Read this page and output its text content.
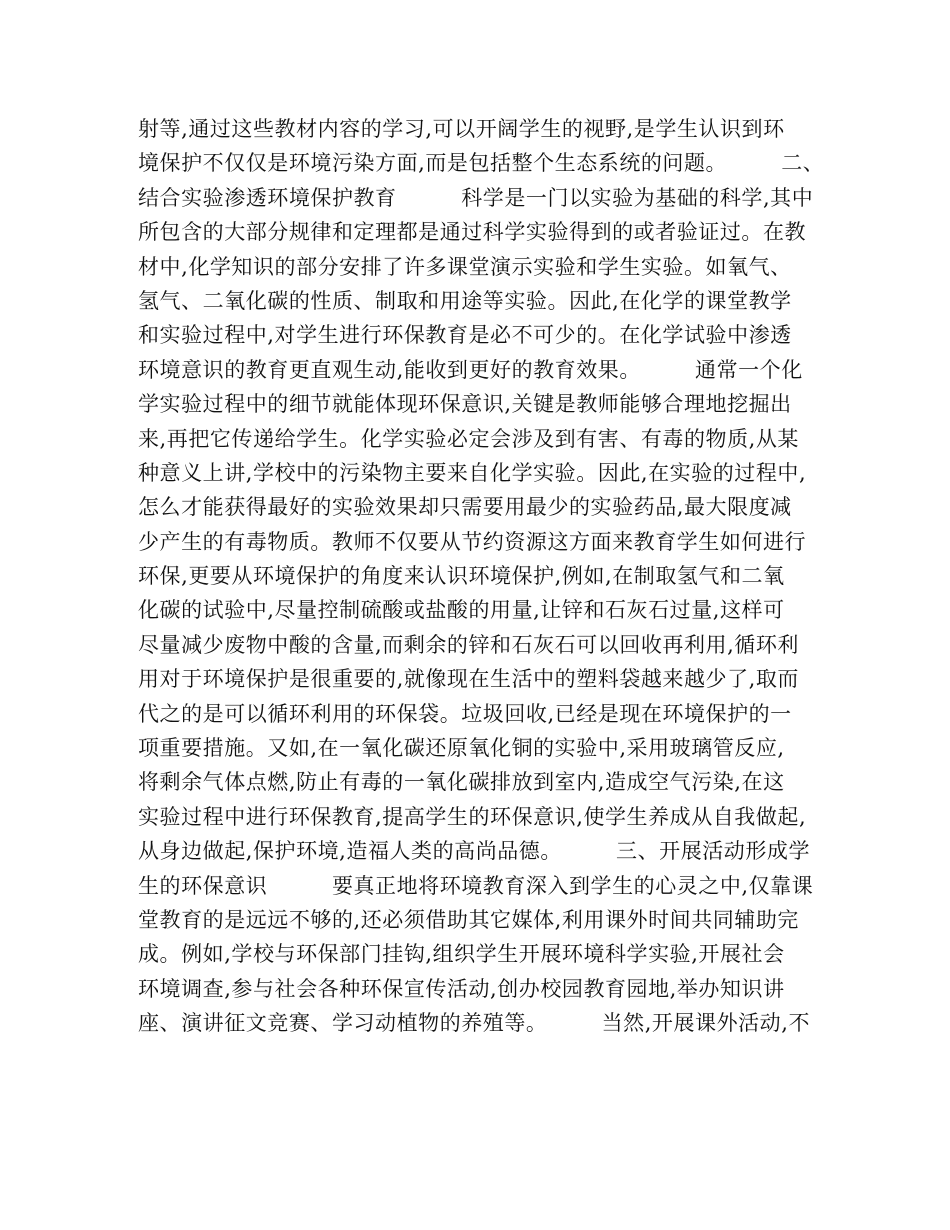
射等,通过这些教材内容的学习,可以开阔学生的视野,是学生认识到环
境保护不仅仅是环境污染方面,而是包括整个生态系统的问题。　　　二、
结合实验渗透环境保护教育　　　科学是一门以实验为基础的科学,其中
所包含的大部分规律和定理都是通过科学实验得到的或者验证过。在教
材中,化学知识的部分安排了许多课堂演示实验和学生实验。如氧气、
氢气、二氧化碳的性质、制取和用途等实验。因此,在化学的课堂教学
和实验过程中,对学生进行环保教育是必不可少的。在化学试验中渗透
环境意识的教育更直观生动,能收到更好的教育效果。　　　通常一个化
学实验过程中的细节就能体现环保意识,关键是教师能够合理地挖掘出
来,再把它传递给学生。化学实验必定会涉及到有害、有毒的物质,从某
种意义上讲,学校中的污染物主要来自化学实验。因此,在实验的过程中,
怎么才能获得最好的实验效果却只需要用最少的实验药品,最大限度减
少产生的有毒物质。教师不仅要从节约资源这方面来教育学生如何进行
环保,更要从环境保护的角度来认识环境保护,例如,在制取氢气和二氧
化碳的试验中,尽量控制硫酸或盐酸的用量,让锌和石灰石过量,这样可
尽量减少废物中酸的含量,而剩余的锌和石灰石可以回收再利用,循环利
用对于环境保护是很重要的,就像现在生活中的塑料袋越来越少了,取而
代之的是可以循环利用的环保袋。垃圾回收,已经是现在环境保护的一
项重要措施。又如,在一氧化碳还原氧化铜的实验中,采用玻璃管反应,
将剩余气体点燃,防止有毒的一氧化碳排放到室内,造成空气污染,在这
实验过程中进行环保教育,提高学生的环保意识,使学生养成从自我做起,
从身边做起,保护环境,造福人类的高尚品德。　　　三、开展活动形成学
生的环保意识　　　要真正地将环境教育深入到学生的心灵之中,仅靠课
堂教育的是远远不够的,还必须借助其它媒体,利用课外时间共同辅助完
成。例如,学校与环保部门挂钩,组织学生开展环境科学实验,开展社会
环境调查,参与社会各种环保宣传活动,创办校园教育园地,举办知识讲
座、演讲征文竞赛、学习动植物的养殖等。　　　当然,开展课外活动,不
